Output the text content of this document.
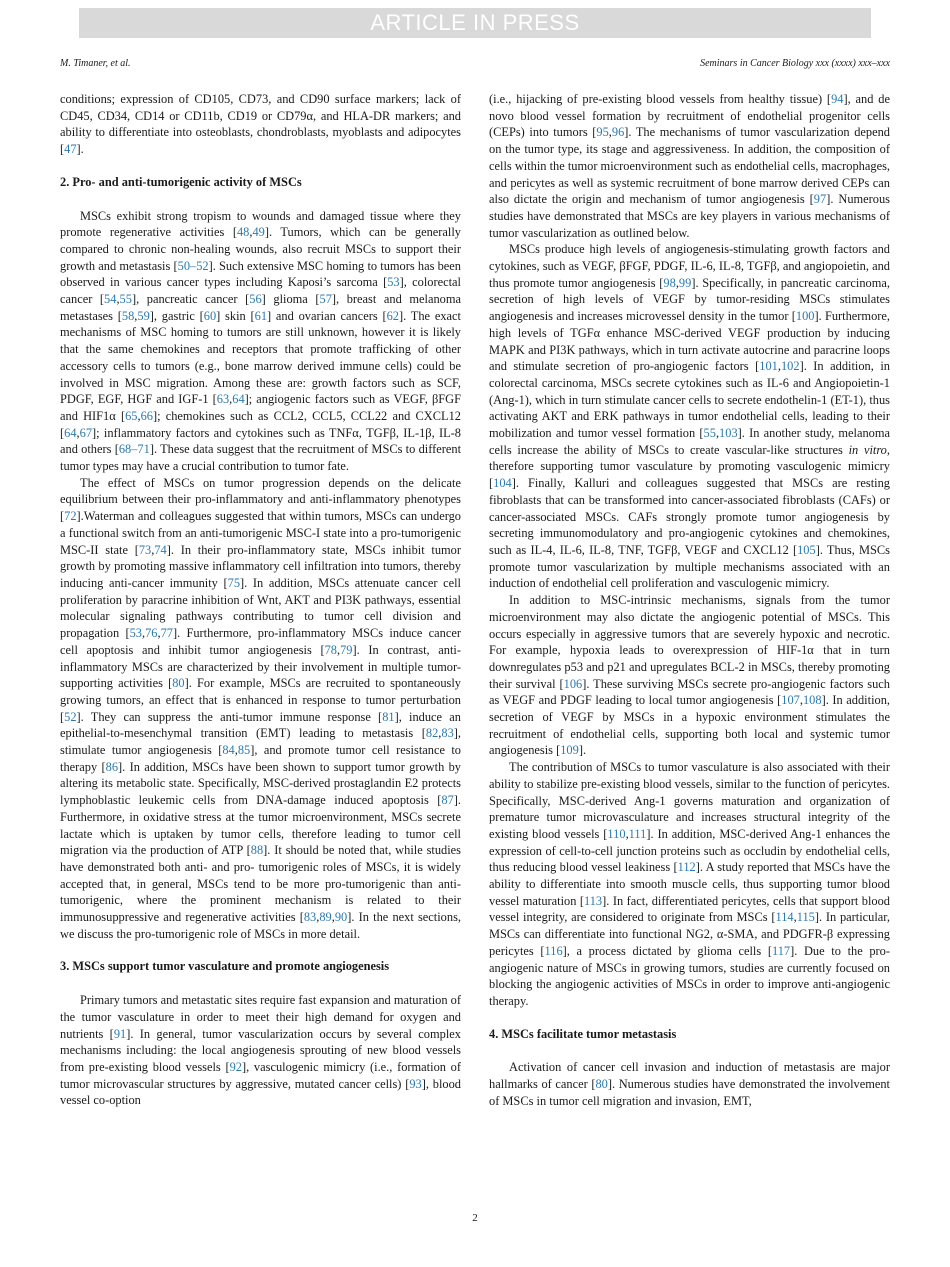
ARTICLE IN PRESS
M. Timaner, et al.	Seminars in Cancer Biology xxx (xxxx) xxx–xxx

conditions; expression of CD105, CD73, and CD90 surface markers; lack of CD45, CD34, CD14 or CD11b, CD19 or CD79α, and HLA-DR markers; and ability to differentiate into osteoblasts, chondroblasts, myoblasts and adipocytes [47].

2. Pro- and anti-tumorigenic activity of MSCs

MSCs exhibit strong tropism to wounds and damaged tissue where they promote regenerative activities [48,49]. Tumors, which can be generally compared to chronic non-healing wounds, also recruit MSCs to support their growth and metastasis [50–52]. Such extensive MSC homing to tumors has been observed in various cancer types including Kaposi’s sarcoma [53], colorectal cancer [54,55], pancreatic cancer [56] glioma [57], breast and melanoma metastases [58,59], gastric [60] skin [61] and ovarian cancers [62]. The exact mechanisms of MSC homing to tumors are still unknown, however it is likely that the same chemokines and receptors that promote trafficking of other accessory cells to tumors (e.g., bone marrow derived immune cells) could be involved in MSC migration. Among these are: growth factors such as SCF, PDGF, EGF, HGF and IGF-1 [63,64]; angiogenic factors such as VEGF, βFGF and HIF1α [65,66]; chemokines such as CCL2, CCL5, CCL22 and CXCL12 [64,67]; inflammatory factors and cytokines such as TNFα, TGFβ, IL-1β, IL-8 and others [68–71]. These data suggest that the recruitment of MSCs to different tumor types may have a crucial contribution to tumor fate.

The effect of MSCs on tumor progression depends on the delicate equilibrium between their pro-inflammatory and anti-inflammatory phenotypes [72].Waterman and colleagues suggested that within tumors, MSCs can undergo a functional switch from an anti-tumorigenic MSC-I state into a pro-tumorigenic MSC-II state [73,74]. In their pro-inflammatory state, MSCs inhibit tumor growth by promoting massive inflammatory cell infiltration into tumors, thereby inducing anti-cancer immunity [75]. In addition, MSCs attenuate cancer cell proliferation by paracrine inhibition of Wnt, AKT and PI3K pathways, essential molecular signaling pathways contributing to tumor cell division and propagation [53,76,77]. Furthermore, pro-inflammatory MSCs induce cancer cell apoptosis and inhibit tumor angiogenesis [78,79]. In contrast, anti-inflammatory MSCs are characterized by their involvement in multiple tumor-supporting activities [80]. For example, MSCs are recruited to spontaneously growing tumors, an effect that is enhanced in response to tumor perturbation [52]. They can suppress the anti-tumor immune response [81], induce an epithelial-to-mesenchymal transition (EMT) leading to metastasis [82,83], stimulate tumor angiogenesis [84,85], and promote tumor cell resistance to therapy [86]. In addition, MSCs have been shown to support tumor growth by altering its metabolic state. Specifically, MSC-derived prostaglandin E2 protects lymphoblastic leukemic cells from DNA-damage induced apoptosis [87]. Furthermore, in oxidative stress at the tumor microenvironment, MSCs secrete lactate which is uptaken by tumor cells, therefore leading to tumor cell migration via the production of ATP [88]. It should be noted that, while studies have demonstrated both anti- and pro- tumorigenic roles of MSCs, it is widely accepted that, in general, MSCs tend to be more pro-tumorigenic than anti-tumorigenic, where the prominent mechanism is related to their immunosuppressive and regenerative activities [83,89,90]. In the next sections, we discuss the pro-tumorigenic role of MSCs in more detail.

3. MSCs support tumor vasculature and promote angiogenesis

Primary tumors and metastatic sites require fast expansion and maturation of the tumor vasculature in order to meet their high demand for oxygen and nutrients [91]. In general, tumor vascularization occurs by several complex mechanisms including: the local angiogenesis sprouting of new blood vessels from pre-existing blood vessels [92], vasculogenic mimicry (i.e., formation of tumor microvascular structures by aggressive, mutated cancer cells) [93], blood vessel co-option

(i.e., hijacking of pre-existing blood vessels from healthy tissue) [94], and de novo blood vessel formation by recruitment of endothelial progenitor cells (CEPs) into tumors [95,96]. The mechanisms of tumor vascularization depend on the tumor type, its stage and aggressiveness. In addition, the composition of cells within the tumor microenvironment such as endothelial cells, macrophages, and pericytes as well as systemic recruitment of bone marrow derived CEPs can also dictate the origin and mechanism of tumor angiogenesis [97]. Numerous studies have demonstrated that MSCs are key players in various mechanisms of tumor vascularization as outlined below.

MSCs produce high levels of angiogenesis-stimulating growth factors and cytokines, such as VEGF, βFGF, PDGF, IL-6, IL-8, TGFβ, and angiopoietin, and thus promote tumor angiogenesis [98,99]. Specifically, in pancreatic carcinoma, secretion of high levels of VEGF by tumor-residing MSCs stimulates angiogenesis and increases microvessel density in the tumor [100]. Furthermore, high levels of TGFα enhance MSC-derived VEGF production by inducing MAPK and PI3K pathways, which in turn activate autocrine and paracrine loops and stimulate secretion of pro-angiogenic factors [101,102]. In addition, in colorectal carcinoma, MSCs secrete cytokines such as IL-6 and Angiopoietin-1 (Ang-1), which in turn stimulate cancer cells to secrete endothelin-1 (ET-1), thus activating AKT and ERK pathways in tumor endothelial cells, leading to their mobilization and tumor vessel formation [55,103]. In another study, melanoma cells increase the ability of MSCs to create vascular-like structures in vitro, therefore supporting tumor vasculature by promoting vasculogenic mimicry [104]. Finally, Kalluri and colleagues suggested that MSCs are resting fibroblasts that can be transformed into cancer-associated fibroblasts (CAFs) or cancer-associated MSCs. CAFs strongly promote tumor angiogenesis by secreting immunomodulatory and pro-angiogenic cytokines and chemokines, such as IL-4, IL-6, IL-8, TNF, TGFβ, VEGF and CXCL12 [105]. Thus, MSCs promote tumor vascularization by multiple mechanisms associated with an induction of endothelial cell proliferation and vasculogenic mimicry.

In addition to MSC-intrinsic mechanisms, signals from the tumor microenvironment may also dictate the angiogenic potential of MSCs. This occurs especially in aggressive tumors that are severely hypoxic and necrotic. For example, hypoxia leads to overexpression of HIF-1α that in turn downregulates p53 and p21 and upregulates BCL-2 in MSCs, thereby promoting their survival [106]. These surviving MSCs secrete pro-angiogenic factors such as VEGF and PDGF leading to local tumor angiogenesis [107,108]. In addition, secretion of VEGF by MSCs in a hypoxic environment stimulates the recruitment of endothelial cells, supporting both local and systemic tumor angiogenesis [109].

The contribution of MSCs to tumor vasculature is also associated with their ability to stabilize pre-existing blood vessels, similar to the function of pericytes. Specifically, MSC-derived Ang-1 governs maturation and organization of premature tumor microvasculature and increases structural integrity of the existing blood vessels [110,111]. In addition, MSC-derived Ang-1 enhances the expression of cell-to-cell junction proteins such as occludin by endothelial cells, thus reducing blood vessel leakiness [112]. A study reported that MSCs have the ability to differentiate into smooth muscle cells, thus supporting tumor blood vessel maturation [113]. In fact, differentiated pericytes, cells that support blood vessel integrity, are considered to originate from MSCs [114,115]. In particular, MSCs can differentiate into functional NG2, α-SMA, and PDGFR-β expressing pericytes [116], a process dictated by glioma cells [117]. Due to the pro-angiogenic nature of MSCs in growing tumors, studies are currently focused on blocking the angiogenic activities of MSCs in order to improve anti-angiogenic therapy.

4. MSCs facilitate tumor metastasis

Activation of cancer cell invasion and induction of metastasis are major hallmarks of cancer [80]. Numerous studies have demonstrated the involvement of MSCs in tumor cell migration and invasion, EMT,

2
